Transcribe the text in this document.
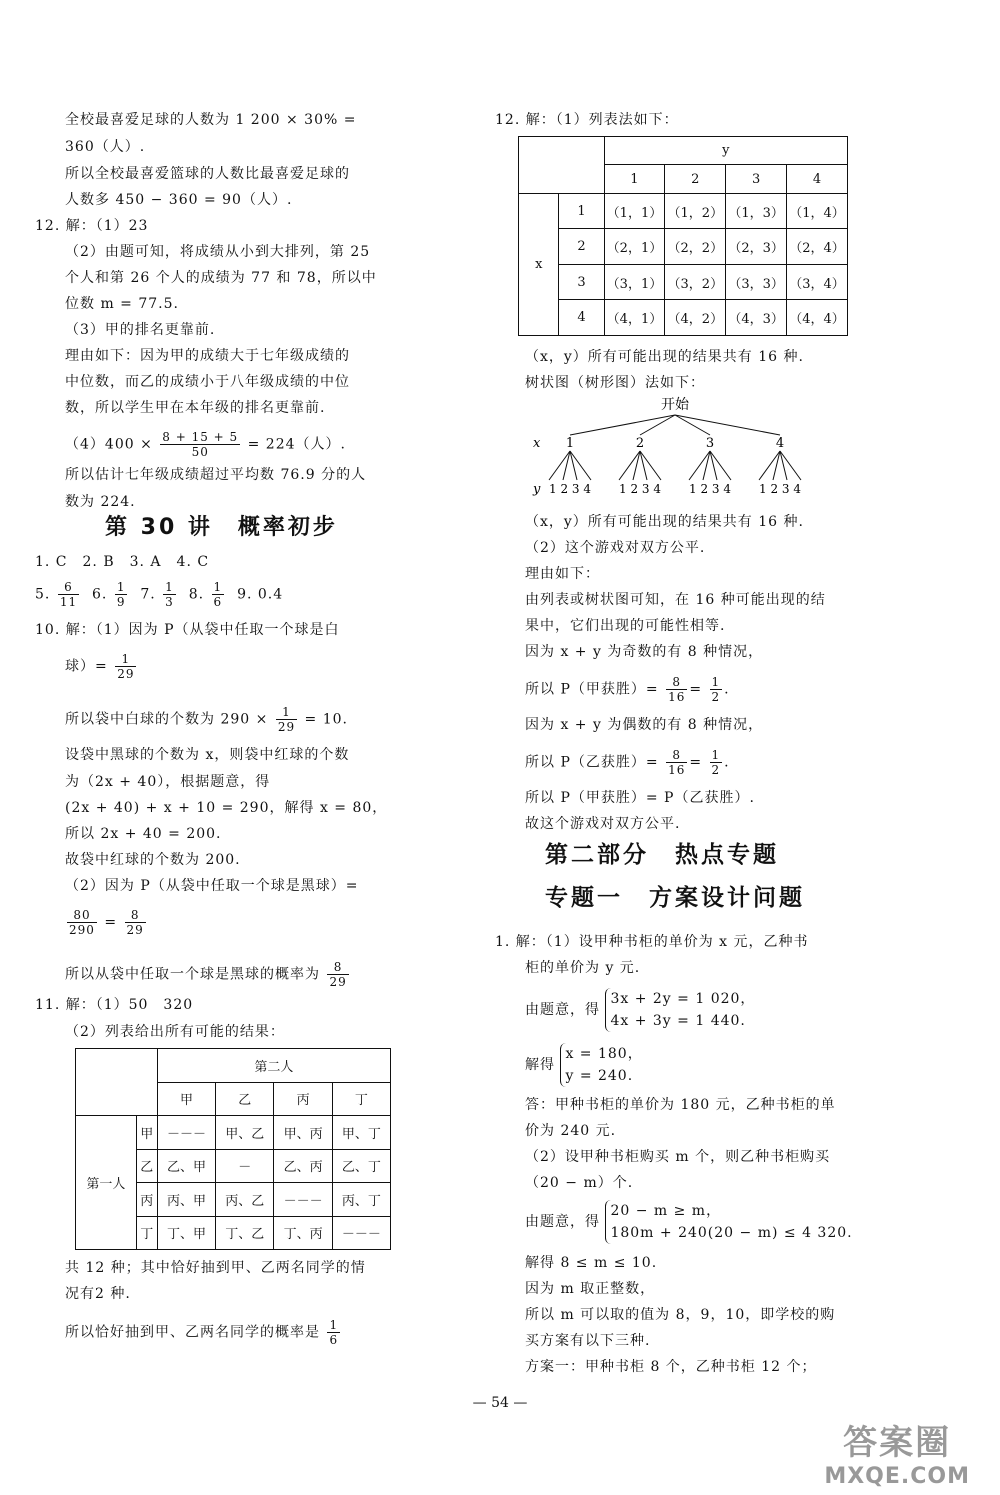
全校最喜爱足球的人数为 1 200 × 30% =
360（人）.
所以全校最喜爱篮球的人数比最喜爱足球的
人数多 450 − 360 = 90（人）.
12. 解：（1）23
（2）由题可知，将成绩从小到大排列，第 25
个人和第 26 个人的成绩为 77 和 78，所以中
位数 m = 77.5.
（3）甲的排名更靠前.
理由如下：因为甲的成绩大于七年级成绩的
中位数，而乙的成绩小于八年级成绩的中位
数，所以学生甲在本年级的排名更靠前.
$(4)400 \times \frac{8 + 15 + 5}{50} = 224$（人）.
所以估计七年级成绩超过平均数 76.9 分的人
数为 224.
第 30 讲　概率初步
1. C　2. B　3. A　4. C
5. $\frac{6}{11} 6$. $\frac{1}{9} 7$. $\frac{1}{3} 8$. $\frac{1}{6} 9$. 0.4
10. 解：（1）因为 P（从袋中任取一个球是白
球）= $\frac{1}{29}$
所以袋中白球的个数为 $290 \times \frac{1}{29} = 10$.
设袋中黑球的个数为 x，则袋中红球的个数
为（2x + 40），根据题意，得
(2x + 40) + x + 10 = 290，解得 x = 80，
所以 2x + 40 = 200.
故袋中红球的个数为 200.
（2）因为 P（从袋中任取一个球是黑球）=
$\frac{80}{290} = \frac{8}{29}$
所以从袋中任取一个球是黑球的概率为 $\frac{8}{29}$
11. 解：（1）50　320
（2）列表给出所有可能的结果：
		第二人			
		甲	乙	丙	丁
第一人	甲	－－－	甲、乙	甲、丙	甲、丁
	乙	乙、甲	－	乙、丙	乙、丁
	丙	丙、甲	丙、乙	－－－	丙、丁
	丁	丁、甲	丁、乙	丁、丙	－－－
共 12 种；其中恰好抽到甲、乙两名同学的情
况有2 种.
所以恰好抽到甲、乙两名同学的概率是 $\frac{1}{6}$
12. 解：（1）列表法如下：
		y			
		1	2	3	4
x	1	（1，1）	（1，2）	（1，3）	（1，4）
	2	（2，1）	（2，2）	（2，3）	（2，4）
	3	（3，1）	（3，2）	（3，3）	（3，4）
	4	（4，1）	（4，2）	（4，3）	（4，4）
（x，y）所有可能出现的结果共有 16 种.
树状图（树形图）法如下：
开始
x
y
1
1 2 3 4
2
1 2 3 4
3
1 2 3 4
4
1 2 3 4
（x，y）所有可能出现的结果共有 16 种.
（2）这个游戏对双方公平.
理由如下：
由列表或树状图可知，在 16 种可能出现的结
果中，它们出现的可能性相等.
因为 x + y 为奇数的有 8 种情况，
所以 P（甲获胜）= $\frac{8}{16} = \frac{1}{2}$ .
因为 x + y 为偶数的有 8 种情况，
所以 P（乙获胜）= $\frac{8}{16} = \frac{1}{2}$ .
所以 P（甲获胜）= P（乙获胜）.
故这个游戏对双方公平.
第二部分　热点专题
专题一　方案设计问题
1. 解：（1）设甲种书柜的单价为 x 元，乙种书
柜的单价为 y 元.
由题意，得
3x + 2y = 1 020，
4x + 3y = 1 440.
解得
x = 180，
y = 240.
答：甲种书柜的单价为 180 元，乙种书柜的单
价为 240 元.
（2）设甲种书柜购买 m 个，则乙种书柜购买
（20 − m）个.
由题意，得
20 − m ≥ m，
180m + 240(20 − m) ≤ 4 320.
解得 8 ≤ m ≤ 10.
因为 m 取正整数，
所以 m 可以取的值为 8，9，10，即学校的购
买方案有以下三种.
方案一：甲种书柜 8 个，乙种书柜 12 个；
— 54 —
答案圈
MXQE.COM
